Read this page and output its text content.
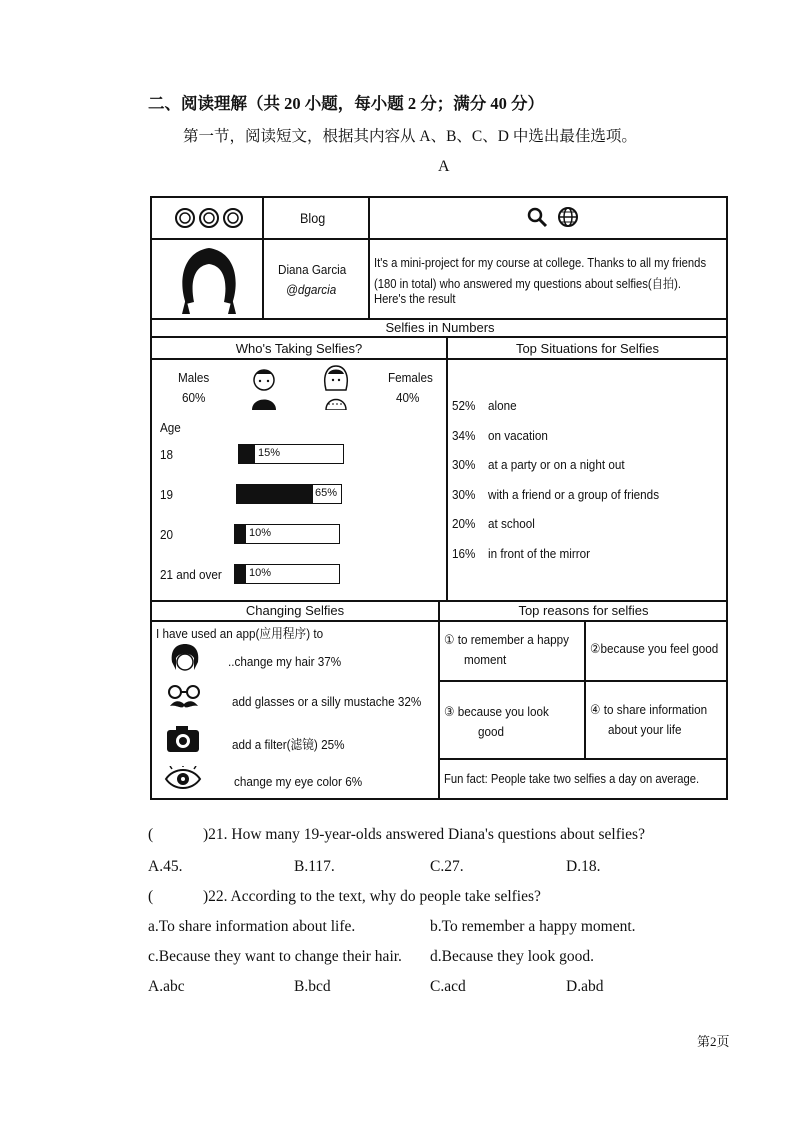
二、阅读理解（共 20 小题，每小题 2 分；满分 40 分）
第一节，阅读短文，根据其内容从 A、B、C、D 中选出最佳选项。
A
Blog
Diana Garcia
@dgarcia
It's a mini-project for my course at college. Thanks to all my friends
(180 in total) who answered my questions about selfies(自拍).
Here's the result
Selfies in Numbers
Who's Taking Selfies?	Top Situations for Selfies
Males
60%
Females
40%
Age
18	15%
19	65%
20	10%
21 and over 10%
52% alone
34% on vacation
30% at a party or on a night out
30% with a friend or a group of friends
20% at school
16% in front of the mirror
Changing Selfies
I have used an app(应用程序) to
..change my hair 37%
add glasses or a silly mustache 32%
add a filter(滤镜) 25%
change my eye color 6%
Top reasons for selfies
① to remember a happy
moment
②because you feel good
③ because you look
good
④ to share information
about your life
Fun fact: People take two selfies a day on average.
(	)21. How many 19-year-olds answered Diana's questions about selfies?
A.45.	B.117.	C.27.	D.18.
(	)22. According to the text, why do people take selfies?
a.To share information about life.	b.To remember a happy moment.
c.Because they want to change their hair. d.Because they look good.
A.abc	B.bcd	C.acd	D.abd
第2页
